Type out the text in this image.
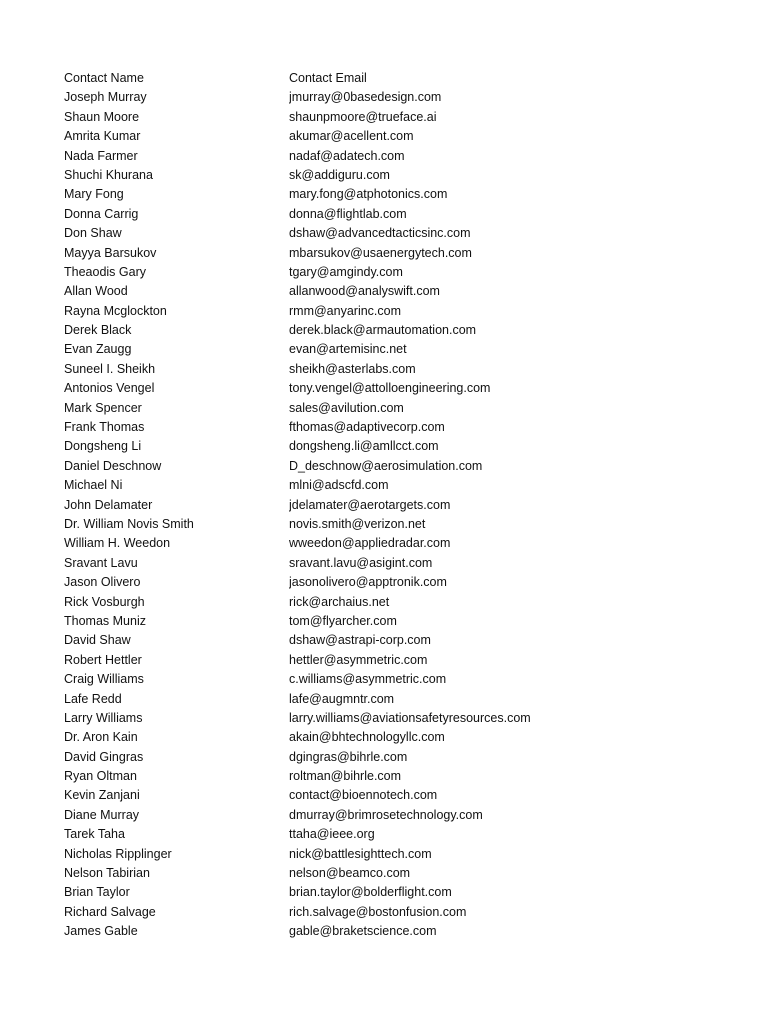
Contact Name	Contact Email
Joseph Murray	jmurray@0basedesign.com
Shaun Moore	shaunpmoore@trueface.ai
Amrita Kumar	akumar@acellent.com
Nada Farmer	nadaf@adatech.com
Shuchi Khurana	sk@addiguru.com
Mary Fong	mary.fong@atphotonics.com
Donna Carrig	donna@flightlab.com
Don Shaw	dshaw@advancedtacticsinc.com
Mayya Barsukov	mbarsukov@usaenergytech.com
Theaodis Gary	tgary@amgindy.com
Allan Wood	allanwood@analyswift.com
Rayna Mcglockton	rmm@anyarinc.com
Derek Black	derek.black@armautomation.com
Evan Zaugg	evan@artemisinc.net
Suneel I. Sheikh	sheikh@asterlabs.com
Antonios Vengel	tony.vengel@attolloengineering.com
Mark Spencer	sales@avilution.com
Frank Thomas	fthomas@adaptivecorp.com
Dongsheng Li	dongsheng.li@amllcct.com
Daniel Deschnow	D_deschnow@aerosimulation.com
Michael Ni	mlni@adscfd.com
John Delamater	jdelamater@aerotargets.com
Dr. William Novis Smith	novis.smith@verizon.net
William H. Weedon	wweedon@appliedradar.com
Sravant Lavu	sravant.lavu@asigint.com
Jason Olivero	jasonolivero@apptronik.com
Rick Vosburgh	rick@archaius.net
Thomas Muniz	tom@flyarcher.com
David Shaw	dshaw@astrapi-corp.com
Robert Hettler	hettler@asymmetric.com
Craig Williams	c.williams@asymmetric.com
Lafe Redd	lafe@augmntr.com
Larry Williams	larry.williams@aviationsafetyresources.com
Dr. Aron Kain	akain@bhtechnologyllc.com
David Gingras	dgingras@bihrle.com
Ryan Oltman	roltman@bihrle.com
Kevin Zanjani	contact@bioennotech.com
Diane Murray	dmurray@brimrosetechnology.com
Tarek Taha	ttaha@ieee.org
Nicholas Ripplinger	nick@battlesighttech.com
Nelson Tabirian	nelson@beamco.com
Brian Taylor	brian.taylor@bolderflight.com
Richard Salvage	rich.salvage@bostonfusion.com
James Gable	gable@braketscience.com
